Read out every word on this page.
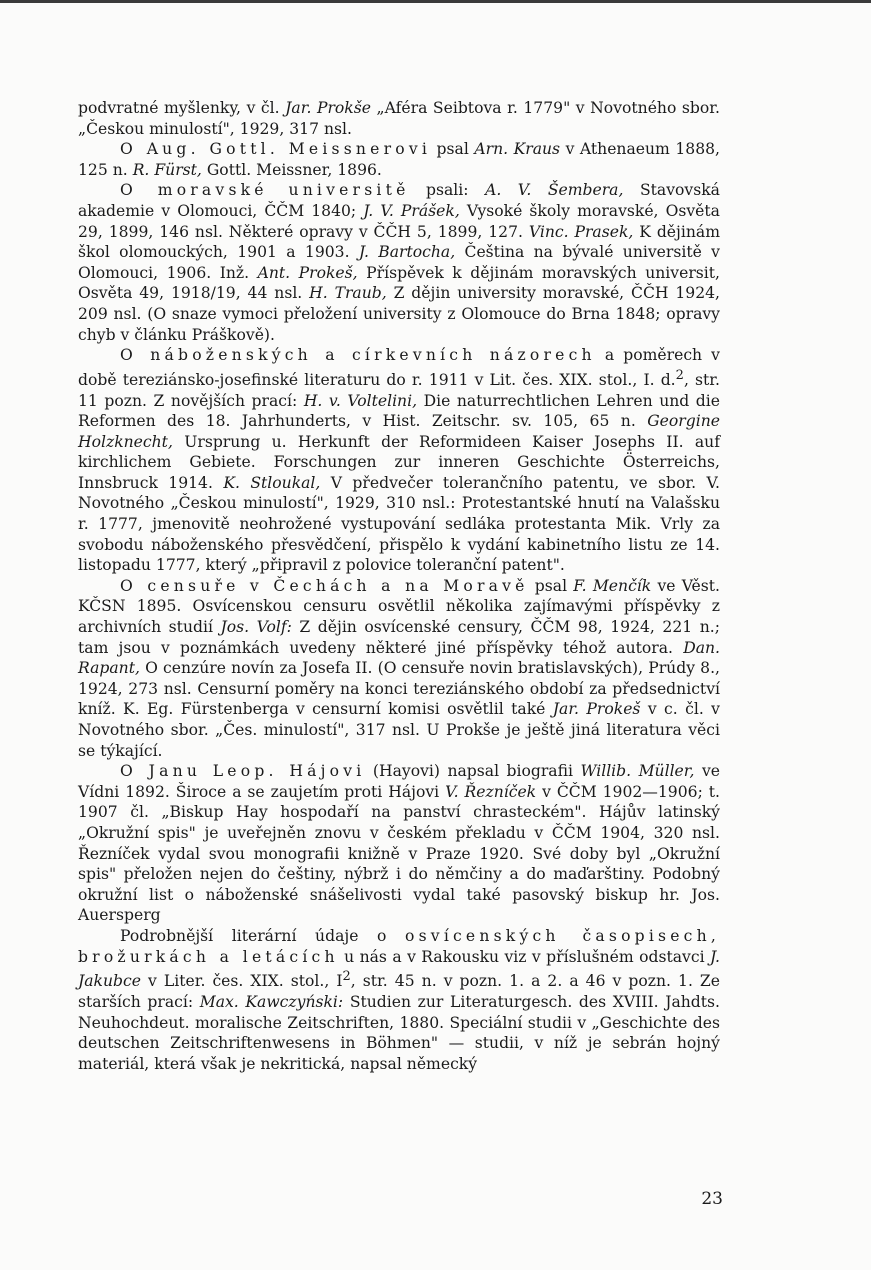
podvratné myšlenky, v čl. Jar. Prokše „Aféra Seibtova r. 1779" v Novotného sbor. „Českou minulostí", 1929, 317 nsl.

O Aug. Gottl. Meissnerovi psal Arn. Kraus v Athenaeum 1888, 125 n. R. Fürst, Gottl. Meissner, 1896.

O moravské universitě psali: A. V. Šembera, Stavovská akademie v Olomouci, ČČM 1840; J. V. Prášek, Vysoké školy moravské, Osvěta 29, 1899, 146 nsl. Některé opravy v ČČH 5, 1899, 127. Vinc. Prasek, K dějinám škol olomouckých, 1901 a 1903. J. Bartocha, Čeština na bývalé universitě v Olomouci, 1906. Inž. Ant. Prokeš, Příspěvek k dějinám moravských universit, Osvěta 49, 1918/19, 44 nsl. H. Traub, Z dějin university moravské, ČČH 1924, 209 nsl. (O snaze vymoci přeložení university z Olomouce do Brna 1848; opravy chyb v článku Práškově).

O náboženských a církevních názorech a poměrech v době tereziánsko-josefinské literaturu do r. 1911 v Lit. čes. XIX. stol., I. d.$^2$, str. 11 pozn. Z novějších prací: H. v. Voltelini, Die naturrechtlichen Lehren und die Reformen des 18. Jahrhunderts, v Hist. Zeitschr. sv. 105, 65 n. Georgine Holzknecht, Ursprung u. Herkunft der Reformideen Kaiser Josephs II. auf kirchlichem Gebiete. Forschungen zur inneren Geschichte Österreichs, Innsbruck 1914. K. Stloukal, V předvečer tolerančního patentu, ve sbor. V. Novotného „Českou minulostí", 1929, 310 nsl.: Protestantské hnutí na Valašsku r. 1777, jmenovitě neohrožené vystupování sedláka protestanta Mik. Vrly za svobodu náboženského přesvědčení, přispělo k vydání kabinetního listu ze 14. listopadu 1777, který „připravil z polovice toleranční patent".

O censuře v Čechách a na Moravě psal F. Menčík ve Věst. KČSN 1895. Osvícenskou censuru osvětlil několika zajímavými příspěvky z archivních studií Jos. Volf: Z dějin osvícenské censury, ČČM 98, 1924, 221 n.; tam jsou v poznámkách uvedeny některé jiné příspěvky téhož autora. Dan. Rapant, O cenzúre novín za Josefa II. (O censuře novin bratislavských), Prúdy 8., 1924, 273 nsl. Censurní poměry na konci tereziánského období za předsednictví kníž. K. Eg. Fürstenberga v censurní komisi osvětlil také Jar. Prokeš v c. čl. v Novotného sbor. „Čes. minulostí", 317 nsl. U Prokše je ještě jiná literatura věci se týkající.

O Janu Leop. Hájovi (Hayovi) napsal biografii Willib. Müller, ve Vídni 1892. Široce a se zaujetím proti Hájovi V. Řezníček v ČČM 1902—1906; t. 1907 čl. „Biskup Hay hospodaří na panství chrasteckém". Hájův latinský „Okružní spis" je uveřejněn znovu v českém překladu v ČČM 1904, 320 nsl. Řezníček vydal svou monografii knižně v Praze 1920. Své doby byl „Okružní spis" přeložen nejen do češtiny, nýbrž i do němčiny a do maďarštiny. Podobný okružní list o náboženské snášelivosti vydal také pasovský biskup hr. Jos. Auersperg

Podrobnější literární údaje o osvícenských časopisech, brožurkách a letácích u nás a v Rakousku viz v příslušném odstavci J. Jakubce v Liter. čes. XIX. stol., $I^2$, str. 45 n. v pozn. 1. a 2. a 46 v pozn. 1. Ze starších prací: Max. Kawczyński: Studien zur Literaturgesch. des XVIII. Jahdts. Neuhochdeut. moralische Zeitschriften, 1880. Speciální studii v „Geschichte des deutschen Zeitschriftenwesens in Böhmen" — studii, v níž je sebrán hojný materiál, která však je nekritická, napsal německý

23
